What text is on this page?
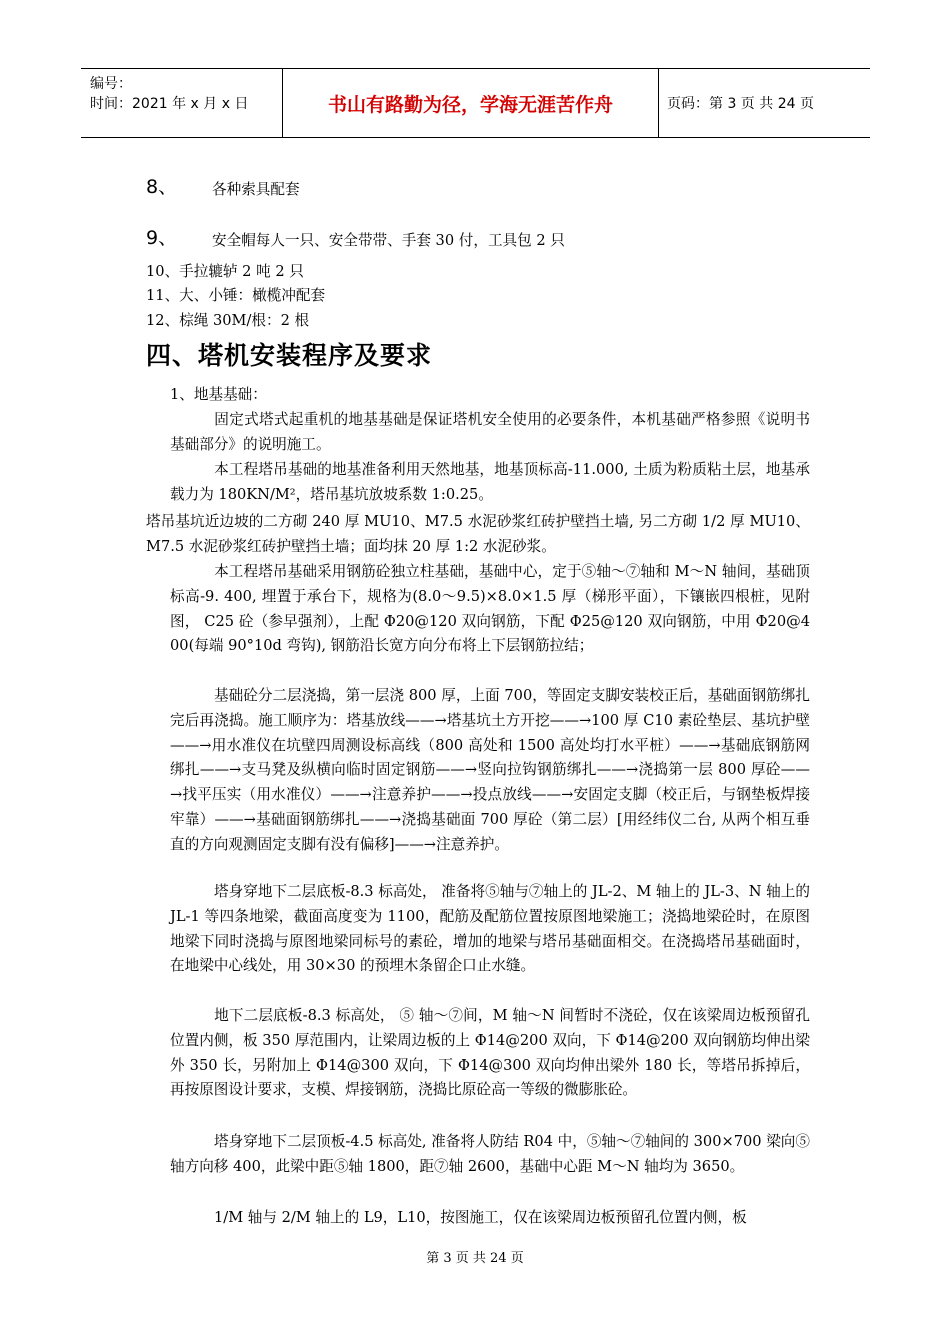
编号：
时间：2021 年 x 月 x 日	书山有路勤为径，学海无涯苦作舟	页码：第 3 页 共 24 页
8、 各种索具配套
9、 安全帽每人一只、安全带带、手套 30 付，工具包 2 只
10、手拉辘轳 2 吨 2 只
11、大、小锤：橄榄冲配套
12、棕绳 30M/根：2 根
四、塔机安装程序及要求
1、地基基础：
固定式塔式起重机的地基基础是保证塔机安全使用的必要条件，本机基础严格参照《说明书基础部分》的说明施工。
本工程塔吊基础的地基准备利用天然地基，地基顶标高-11.000, 土质为粉质粘土层，地基承载力为 180KN/M²，塔吊基坑放坡系数 1:0.25。
塔吊基坑近边坡的二方砌 240 厚 MU10、M7.5 水泥砂浆红砖护壁挡土墙, 另二方砌 1/2 厚 MU10、M7.5 水泥砂浆红砖护壁挡土墙；面均抹 20 厚 1:2 水泥砂浆。
本工程塔吊基础采用钢筋砼独立柱基础，基础中心，定于⑤轴～⑦轴和 M～N 轴间，基础顶标高-9. 400, 埋置于承台下，规格为(8.0～9.5)×8.0×1.5 厚（梯形平面），下镶嵌四根桩，见附图， C25 砼（参早强剂），上配 Φ20@120 双向钢筋，下配 Φ25@120 双向钢筋，中用 Φ20@400(每端 90°10d 弯钩), 钢筋沿长宽方向分布将上下层钢筋拉结；
基础砼分二层浇捣，第一层浇 800 厚，上面 700，等固定支脚安装校正后，基础面钢筋绑扎完后再浇捣。施工顺序为：塔基放线——→塔基坑土方开挖——→100 厚 C10 素砼垫层、基坑护壁——→用水准仪在坑壁四周测设标高线（800 高处和 1500 高处均打水平桩）——→基础底钢筋网绑扎——→支马凳及纵横向临时固定钢筋——→竖向拉钩钢筋绑扎——→浇捣第一层 800 厚砼——→找平压实（用水准仪）——→注意养护——→投点放线——→安固定支脚（校正后，与钢垫板焊接牢靠）——→基础面钢筋绑扎——→浇捣基础面 700 厚砼（第二层）[用经纬仪二台, 从两个相互垂直的方向观测固定支脚有没有偏移]——→注意养护。
塔身穿地下二层底板-8.3 标高处， 准备将⑤轴与⑦轴上的 JL-2、M 轴上的 JL-3、N 轴上的 JL-1 等四条地梁，截面高度变为 1100，配筋及配筋位置按原图地梁施工；浇捣地梁砼时，在原图地梁下同时浇捣与原图地梁同标号的素砼，增加的地梁与塔吊基础面相交。在浇捣塔吊基础面时，在地梁中心线处，用 30×30 的预埋木条留企口止水缝。
地下二层底板-8.3 标高处， ⑤ 轴～⑦间，M 轴～N 间暂时不浇砼，仅在该梁周边板预留孔位置内侧，板 350 厚范围内，让梁周边板的上 Φ14@200 双向，下 Φ14@200 双向钢筋均伸出梁外 350 长，另附加上 Φ14@300 双向，下 Φ14@300 双向均伸出梁外 180 长，等塔吊拆掉后，再按原图设计要求，支模、焊接钢筋，浇捣比原砼高一等级的微膨胀砼。
塔身穿地下二层顶板-4.5 标高处, 准备将人防结 R04 中，⑤轴～⑦轴间的 300×700 梁向⑤轴方向移 400，此梁中距⑤轴 1800，距⑦轴 2600，基础中心距 M～N 轴均为 3650。
1/M 轴与 2/M 轴上的 L9，L10，按图施工，仅在该梁周边板预留孔位置内侧，板
第 3 页 共 24 页
